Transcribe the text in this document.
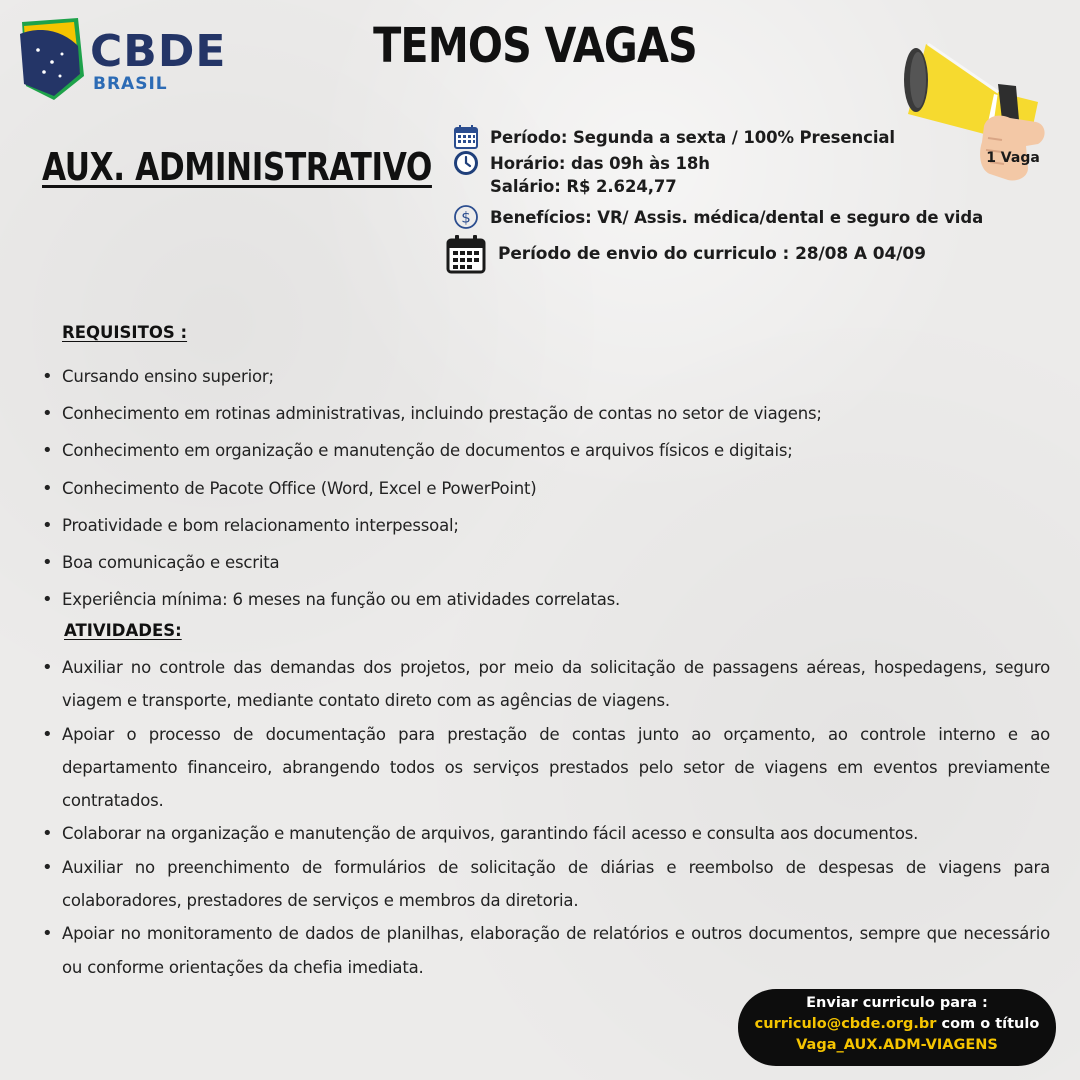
CBDE
BRASIL
TEMOS VAGAS
1 Vaga
AUX. ADMINISTRATIVO
Período: Segunda a sexta / 100% Presencial
Horário: das 09h às 18h
Salário: R$ 2.624,77
$ Benefícios: VR/ Assis. médica/dental e seguro de vida
Período de envio do curriculo : 28/08 A 04/09
REQUISITOS :
• Cursando ensino superior;
• Conhecimento em rotinas administrativas, incluindo prestação de contas no setor de viagens;
• Conhecimento em organização e manutenção de documentos e arquivos físicos e digitais;
• Conhecimento de Pacote Office (Word, Excel e PowerPoint)
• Proatividade e bom relacionamento interpessoal;
• Boa comunicação e escrita
• Experiência mínima: 6 meses na função ou em atividades correlatas.
ATIVIDADES:
• Auxiliar no controle das demandas dos projetos, por meio da solicitação de passagens aéreas, hospedagens, seguro viagem e transporte, mediante contato direto com as agências de viagens.
• Apoiar o processo de documentação para prestação de contas junto ao orçamento, ao controle interno e ao departamento financeiro, abrangendo todos os serviços prestados pelo setor de viagens em eventos previamente contratados.
• Colaborar na organização e manutenção de arquivos, garantindo fácil acesso e consulta aos documentos.
• Auxiliar no preenchimento de formulários de solicitação de diárias e reembolso de despesas de viagens para colaboradores, prestadores de serviços e membros da diretoria.
• Apoiar no monitoramento de dados de planilhas, elaboração de relatórios e outros documentos, sempre que necessário ou conforme orientações da chefia imediata.
Enviar curriculo para :
curriculo@cbde.org.br com o título
Vaga_AUX.ADM-VIAGENS
